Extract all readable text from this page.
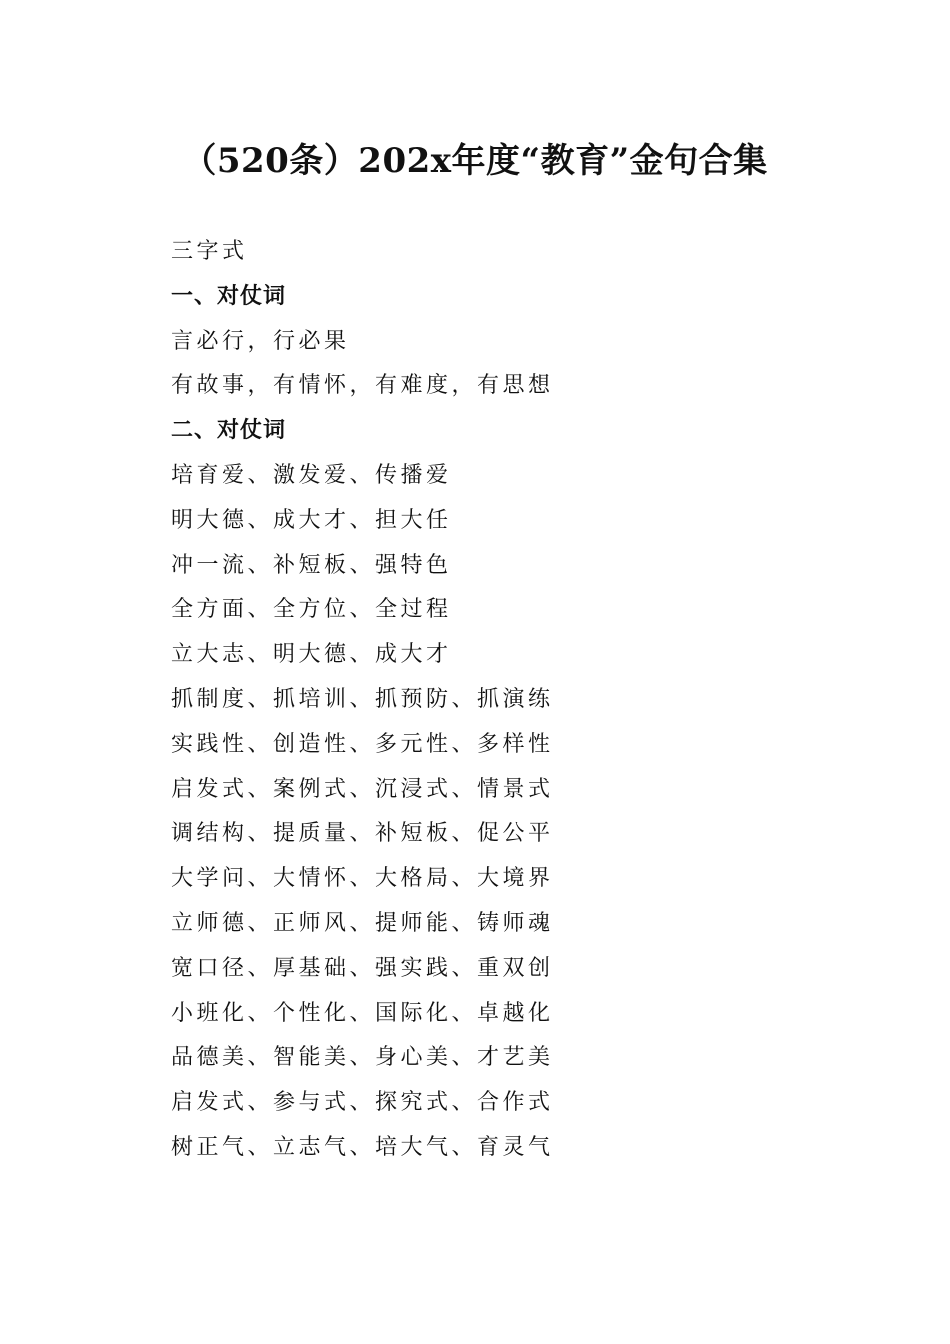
（520条）202x年度“教育”金句合集
三字式
一、对仗词
言必行，行必果
有故事，有情怀，有难度，有思想
二、对仗词
培育爱、激发爱、传播爱
明大德、成大才、担大任
冲一流、补短板、强特色
全方面、全方位、全过程
立大志、明大德、成大才
抓制度、抓培训、抓预防、抓演练
实践性、创造性、多元性、多样性
启发式、案例式、沉浸式、情景式
调结构、提质量、补短板、促公平
大学问、大情怀、大格局、大境界
立师德、正师风、提师能、铸师魂
宽口径、厚基础、强实践、重双创
小班化、个性化、国际化、卓越化
品德美、智能美、身心美、才艺美
启发式、参与式、探究式、合作式
树正气、立志气、培大气、育灵气
